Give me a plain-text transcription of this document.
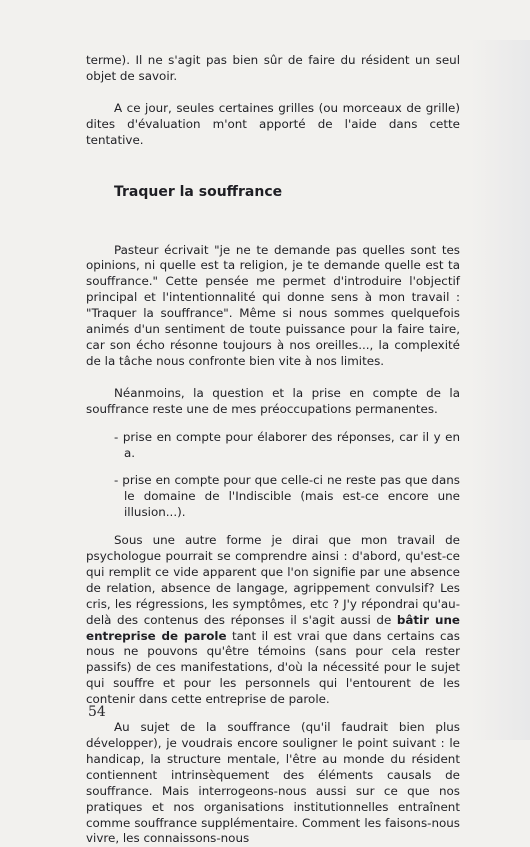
terme). Il ne s'agit pas bien sûr de faire du résident un seul objet de savoir.

A ce jour, seules certaines grilles (ou morceaux de grille) dites d'évaluation m'ont apporté de l'aide dans cette tentative.

Traquer la souffrance

Pasteur écrivait "je ne te demande pas quelles sont tes opinions, ni quelle est ta religion, je te demande quelle est ta souffrance." Cette pensée me permet d'introduire l'objectif principal et l'intentionnalité qui donne sens à mon travail : "Traquer la souffrance". Même si nous sommes quelquefois animés d'un sentiment de toute puissance pour la faire taire, car son écho résonne toujours à nos oreilles..., la complexité de la tâche nous confronte bien vite à nos limites.

Néanmoins, la question et la prise en compte de la souffrance reste une de mes préoccupations permanentes.

- prise en compte pour élaborer des réponses, car il y en a.

- prise en compte pour que celle-ci ne reste pas que dans le domaine de l'Indiscible (mais est-ce encore une illusion...).

Sous une autre forme je dirai que mon travail de psychologue pourrait se comprendre ainsi : d'abord, qu'est-ce qui remplit ce vide apparent que l'on signifie par une absence de relation, absence de langage, agrippement convulsif? Les cris, les régressions, les symptômes, etc ? J'y répondrai qu'au-delà des contenus des réponses il s'agit aussi de bâtir une entreprise de parole tant il est vrai que dans certains cas nous ne pouvons qu'être témoins (sans pour cela rester passifs) de ces manifestations, d'où la nécessité pour le sujet qui souffre et pour les personnels qui l'entourent de les contenir dans cette entreprise de parole.

Au sujet de la souffrance (qu'il faudrait bien plus développer), je voudrais encore souligner le point suivant : le handicap, la structure mentale, l'être au monde du résident contiennent intrinsèquement des éléments causals de souffrance. Mais interrogeons-nous aussi sur ce que nos pratiques et nos organisations institutionnelles entraînent comme souffrance supplémentaire. Comment les faisons-nous vivre, les connaissons-nous

54
